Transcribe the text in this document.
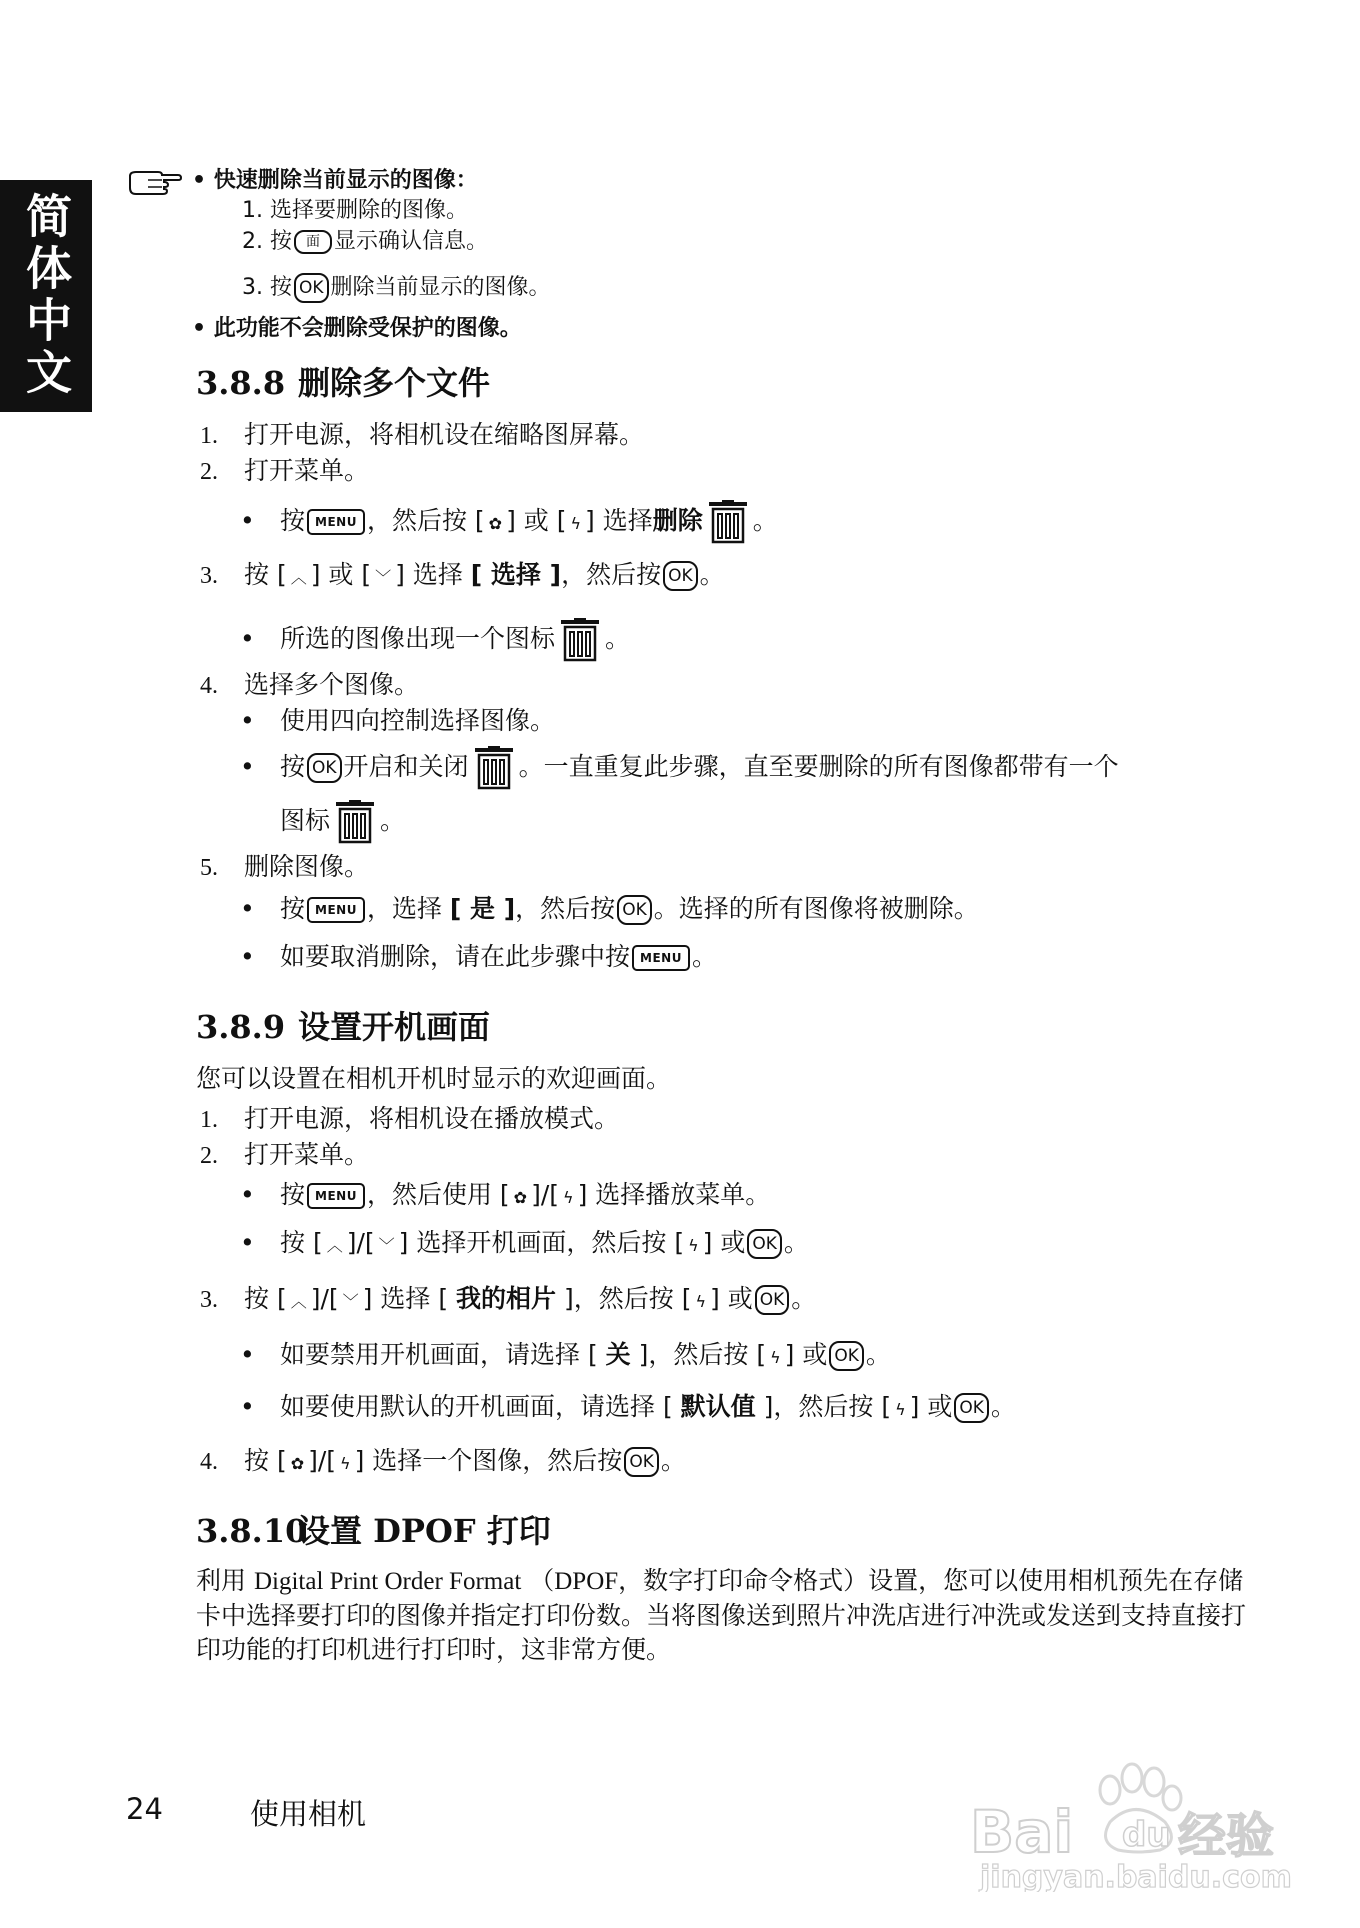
简体中文
• 快速删除当前显示的图像：
1. 选择要删除的图像。
2. 按 面 显示确认信息。
3. 按 OK 删除当前显示的图像。
• 此功能不会删除受保护的图像。
3.8.8 删除多个文件
1. 打开电源，将相机设在缩略图屏幕。
2. 打开菜单。
• 按 MENU ，然后按 [ ✿ ] 或 [ ϟ ] 选择删除 。
3. 按 [ ︿ ] 或 [ ﹀ ] 选择 [ 选择 ]，然后按 OK 。
• 所选的图像出现一个图标 。
4. 选择多个图像。
• 使用四向控制选择图像。
• 按 OK 开启和关闭 。一直重复此步骤，直至要删除的所有图像都带有一个
图标 。
5. 删除图像。
• 按 MENU ，选择 [ 是 ]，然后按 OK 。选择的所有图像将被删除。
• 如要取消删除，请在此步骤中按 MENU 。
3.8.9 设置开机画面
您可以设置在相机开机时显示的欢迎画面。
1. 打开电源，将相机设在播放模式。
2. 打开菜单。
• 按 MENU ，然后使用 [ ✿ ]/[ ϟ ] 选择播放菜单。
• 按 [ ︿ ]/[ ﹀ ] 选择开机画面，然后按 [ ϟ ] 或 OK 。
3. 按 [ ︿ ]/[ ﹀ ] 选择 [ 我的相片 ]，然后按 [ ϟ ] 或 OK 。
• 如要禁用开机画面，请选择 [ 关 ]，然后按 [ ϟ ] 或 OK 。
• 如要使用默认的开机画面，请选择 [ 默认值 ]，然后按 [ ϟ ] 或 OK 。
4. 按 [ ✿ ]/[ ϟ ] 选择一个图像，然后按 OK 。
3.8.10设置 DPOF 打印
利用 Digital Print Order Format （DPOF，数字打印命令格式）设置，您可以使用相机预先在存储卡中选择要打印的图像并指定打印份数。当将图像送到照片冲洗店进行冲洗或发送到支持直接打印功能的打印机进行打印时，这非常方便。
24	使用相机	Bai du 经验
jingyan.baidu.com
